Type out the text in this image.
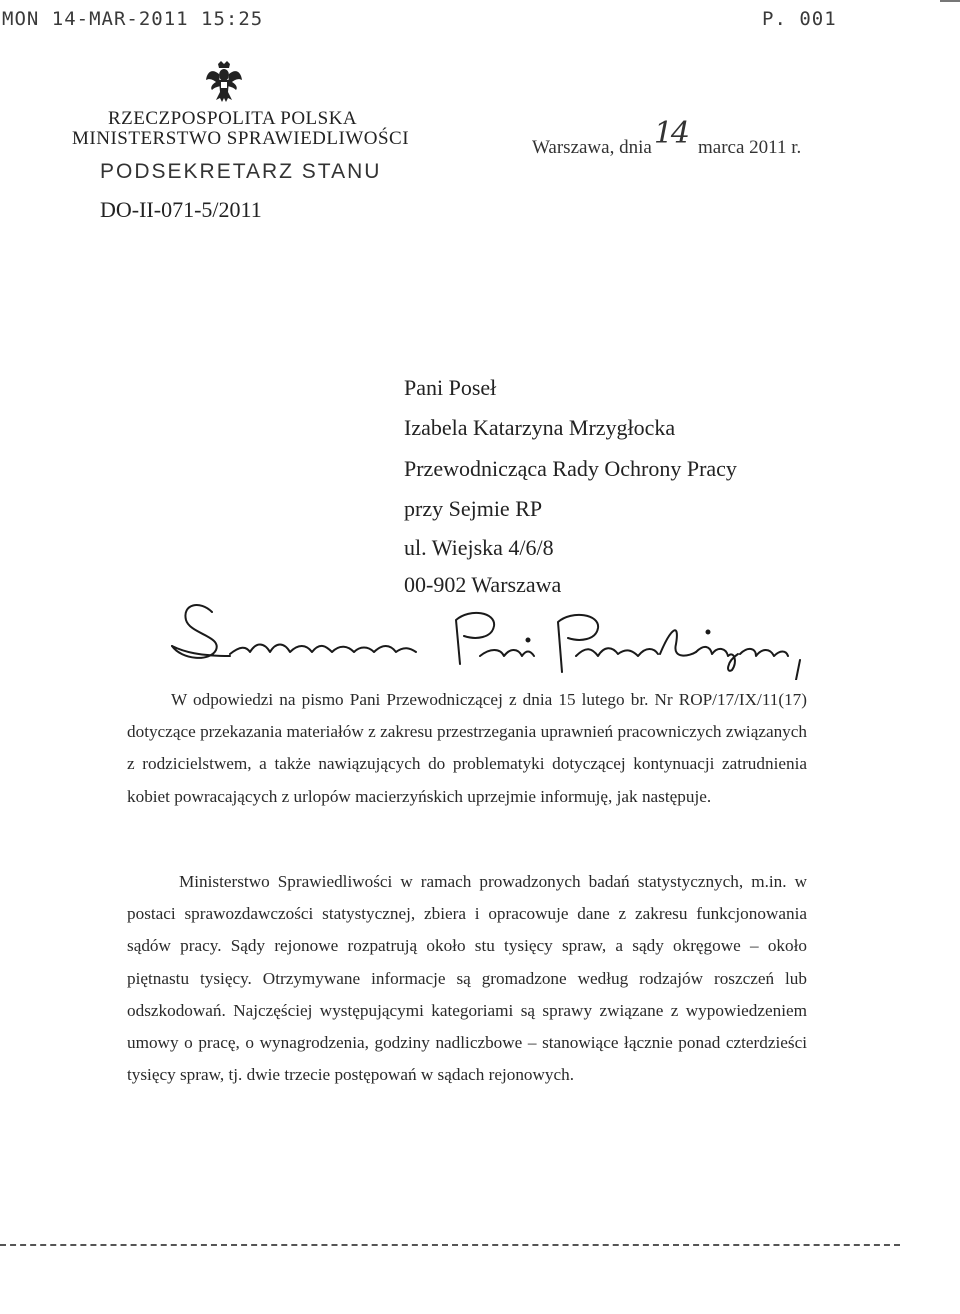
MON 14-MAR-2011 15:25	P. 001
RZECZPOSPOLITA POLSKA
MINISTERSTWO SPRAWIEDLIWOŚCI
PODSEKRETARZ STANU
DO-II-071-5/2011
Warszawa, dnia14 marca 2011 r.
Pani Poseł
Izabela Katarzyna Mrzygłocka
Przewodnicząca Rady Ochrony Pracy
przy Sejmie RP
ul. Wiejska 4/6/8
00-902 Warszawa
W odpowiedzi na pismo Pani Przewodniczącej z dnia 15 lutego br. Nr ROP/17/IX/11(17) dotyczące przekazania materiałów z zakresu przestrzegania uprawnień pracowniczych związanych z rodzicielstwem, a także nawiązujących do problematyki dotyczącej kontynuacji zatrudnienia kobiet powracających z urlopów macierzyńskich uprzejmie informuję, jak następuje.
Ministerstwo Sprawiedliwości w ramach prowadzonych badań statystycznych, m.in. w postaci sprawozdawczości statystycznej, zbiera i opracowuje dane z zakresu funkcjonowania sądów pracy. Sądy rejonowe rozpatrują około stu tysięcy spraw, a sądy okręgowe – około piętnastu tysięcy. Otrzymywane informacje są gromadzone według rodzajów roszczeń lub odszkodowań. Najczęściej występującymi kategoriami są sprawy związane z wypowiedzeniem umowy o pracę, o wynagrodzenia, godziny nadliczbowe – stanowiące łącznie ponad czterdzieści tysięcy spraw, tj. dwie trzecie postępowań w sądach rejonowych.
